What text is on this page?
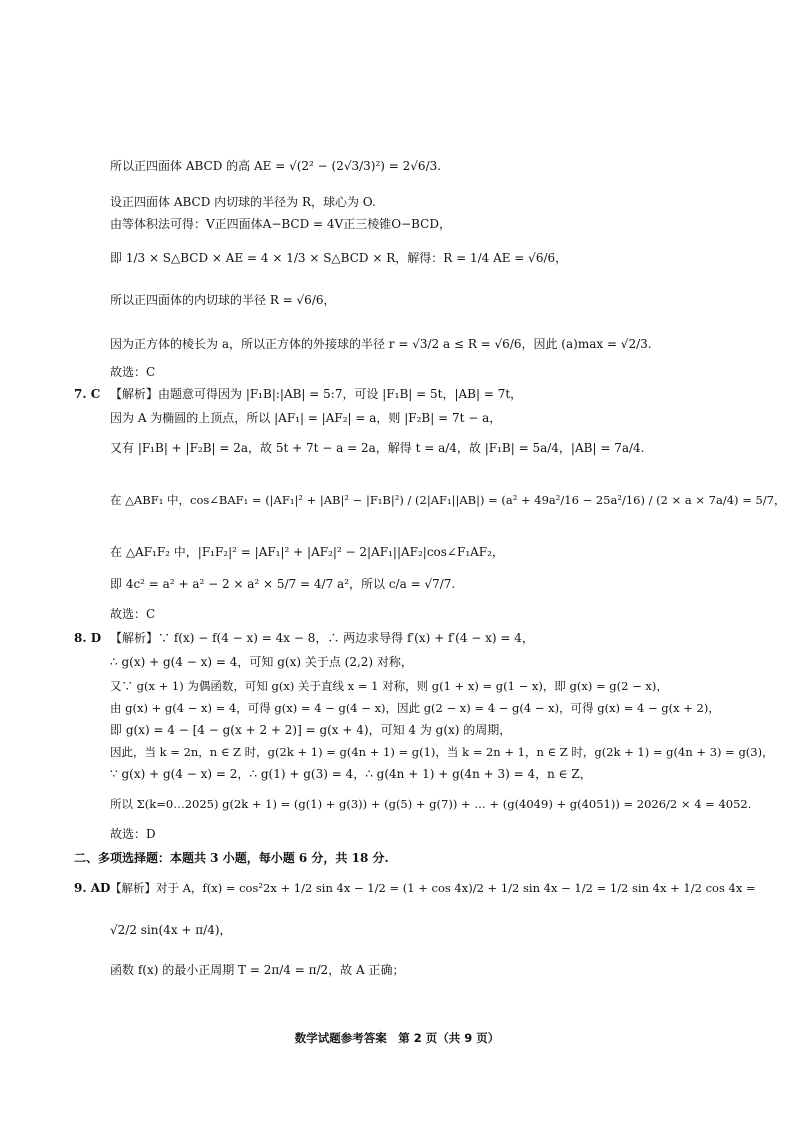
所以正四面体 ABCD 的高 AE = √(2² − (2√3/3)²) = 2√6/3.
设正四面体 ABCD 内切球的半径为 R，球心为 O.
由等体积法可得：V正四面体A−BCD = 4V正三棱锥O−BCD，
即 1/3 × S△BCD × AE = 4 × 1/3 × S△BCD × R，解得：R = 1/4 AE = √6/6，
所以正四面体的内切球的半径 R = √6/6，
因为正方体的棱长为 a，所以正方体的外接球的半径 r = √3/2 a ≤ R = √6/6，因此 (a)max = √2/3.
故选：C
7. C 【解析】由题意可得因为 |F₁B|:|AB| = 5:7，可设 |F₁B| = 5t，|AB| = 7t，
因为 A 为椭圆的上顶点，所以 |AF₁| = |AF₂| = a，则 |F₂B| = 7t − a，
又有 |F₁B| + |F₂B| = 2a，故 5t + 7t − a = 2a，解得 t = a/4，故 |F₁B| = 5a/4，|AB| = 7a/4.
在 △ABF₁ 中，cos∠BAF₁ = (|AF₁|² + |AB|² − |F₁B|²) / (2|AF₁||AB|) = (a² + 49a²/16 − 25a²/16) / (2 × a × 7a/4) = 5/7，
在 △AF₁F₂ 中，|F₁F₂|² = |AF₁|² + |AF₂|² − 2|AF₁||AF₂|cos∠F₁AF₂，
即 4c² = a² + a² − 2 × a² × 5/7 = 4/7 a²，所以 c/a = √7/7.
故选：C
8. D 【解析】∵ f(x) − f(4 − x) = 4x − 8，∴ 两边求导得 f′(x) + f′(4 − x) = 4，
∴ g(x) + g(4 − x) = 4，可知 g(x) 关于点 (2,2) 对称，
又∵ g(x + 1) 为偶函数，可知 g(x) 关于直线 x = 1 对称，则 g(1 + x) = g(1 − x)，即 g(x) = g(2 − x)，
由 g(x) + g(4 − x) = 4，可得 g(x) = 4 − g(4 − x)，因此 g(2 − x) = 4 − g(4 − x)，可得 g(x) = 4 − g(x + 2)，
即 g(x) = 4 − [4 − g(x + 2 + 2)] = g(x + 4)，可知 4 为 g(x) 的周期，
因此，当 k = 2n，n ∈ Z 时，g(2k + 1) = g(4n + 1) = g(1)，当 k = 2n + 1，n ∈ Z 时，g(2k + 1) = g(4n + 3) = g(3)，
∵ g(x) + g(4 − x) = 2，∴ g(1) + g(3) = 4，∴ g(4n + 1) + g(4n + 3) = 4，n ∈ Z，
所以 Σ(k=0…2025) g(2k + 1) = (g(1) + g(3)) + (g(5) + g(7)) + … + (g(4049) + g(4051)) = 2026/2 × 4 = 4052.
故选：D
二、多项选择题：本题共 3 小题，每小题 6 分，共 18 分.
9. AD 【解析】对于 A，f(x) = cos²2x + 1/2 sin 4x − 1/2 = (1 + cos 4x)/2 + 1/2 sin 4x − 1/2 = 1/2 sin 4x + 1/2 cos 4x =
√2/2 sin(4x + π/4)，
函数 f(x) 的最小正周期 T = 2π/4 = π/2，故 A 正确；
数学试题参考答案　第 2 页（共 9 页）
